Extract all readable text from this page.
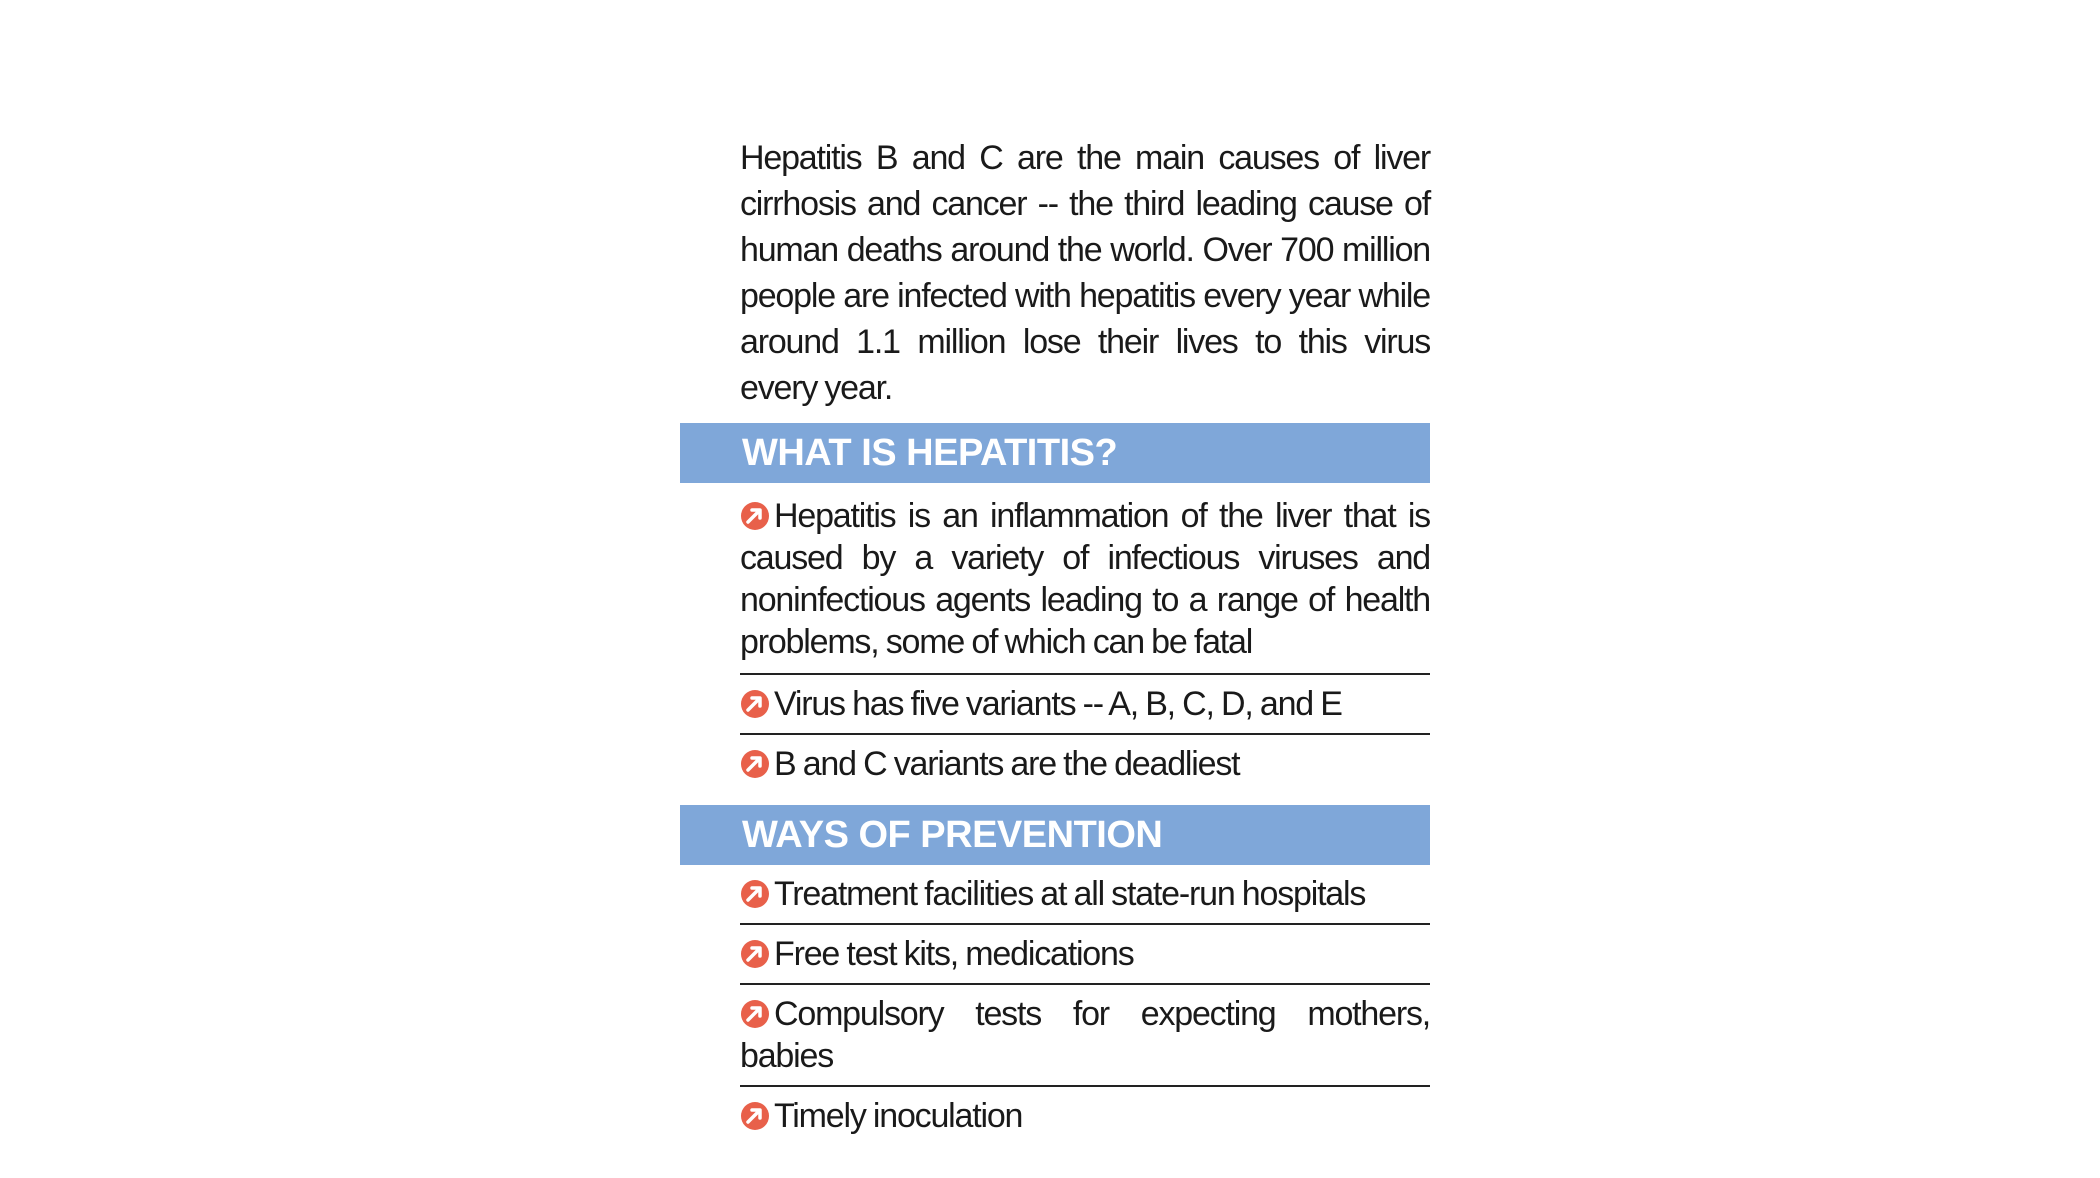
Hepatitis B and C are the main causes of liver cirrhosis and cancer -- the third leading cause of human deaths around the world. Over 700 million people are infected with hepatitis every year while around 1.1 million lose their lives to this virus every year.

WHAT IS HEPATITIS?
Hepatitis is an inflammation of the liver that is caused by a variety of infectious viruses and noninfectious agents leading to a range of health problems, some of which can be fatal
Virus has five variants -- A, B, C, D, and E
B and C variants are the deadliest
WAYS OF PREVENTION
Treatment facilities at all state-run hospitals
Free test kits, medications
Compulsory tests for expecting mothers, babies
Timely inoculation
